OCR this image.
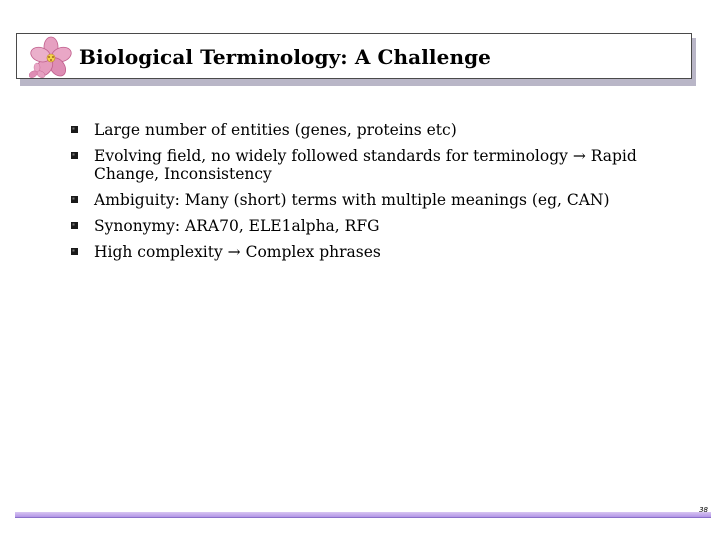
Biological Terminology: A Challenge
Large number of entities (genes, proteins etc)
Evolving field, no widely followed standards for terminology → Rapid
Change, Inconsistency
Ambiguity: Many (short) terms with multiple meanings (eg, CAN)
Synonymy: ARA70, ELE1alpha, RFG
High complexity → Complex phrases
38
